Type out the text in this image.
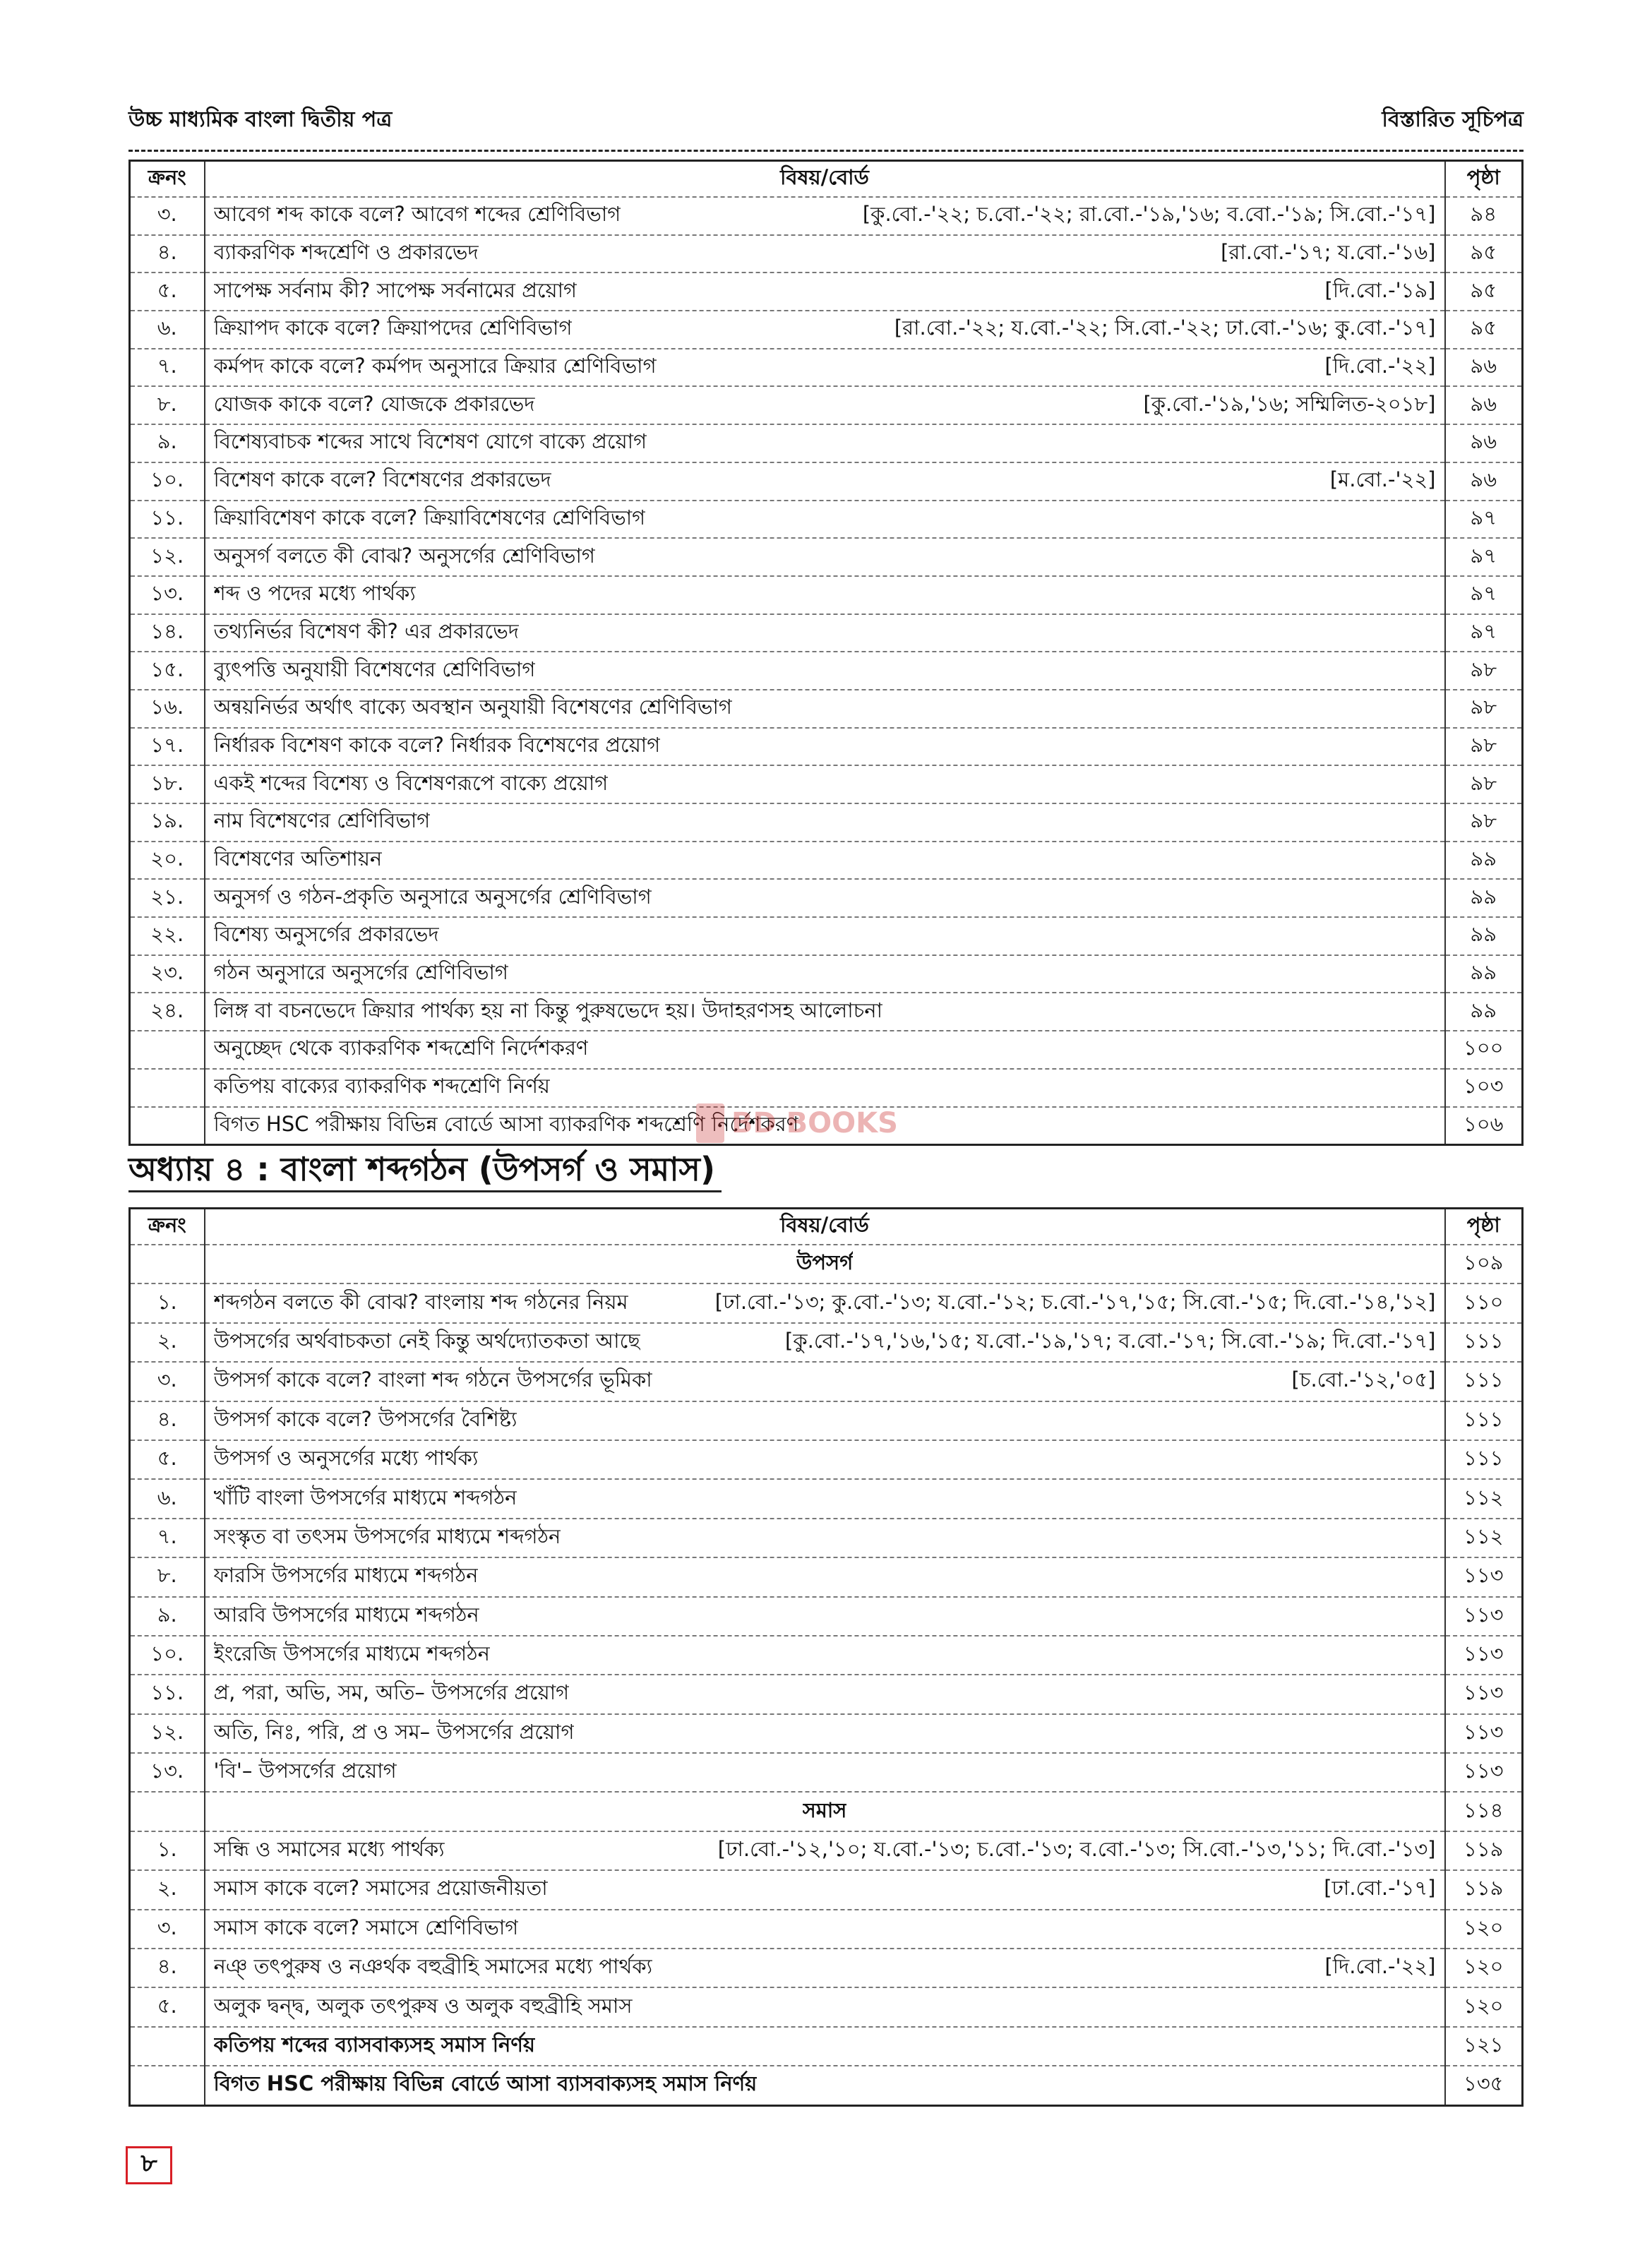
উচ্চ মাধ্যমিক বাংলা দ্বিতীয় পত্র	বিস্তারিত সূচিপত্র
ক্রনং	বিষয়/বোর্ড	পৃষ্ঠা
৩.	আবেগ শব্দ কাকে বলে? আবেগ শব্দের শ্রেণিবিভাগ [কু.বো.-'২২; চ.বো.-'২২; রা.বো.-'১৯,'১৬; ব.বো.-'১৯; সি.বো.-'১৭]	৯৪
৪.	ব্যাকরণিক শব্দশ্রেণি ও প্রকারভেদ [রা.বো.-'১৭; য.বো.-'১৬]	৯৫
৫.	সাপেক্ষ সর্বনাম কী? সাপেক্ষ সর্বনামের প্রয়োগ [দি.বো.-'১৯]	৯৫
৬.	ক্রিয়াপদ কাকে বলে? ক্রিয়াপদের শ্রেণিবিভাগ [রা.বো.-'২২; য.বো.-'২২; সি.বো.-'২২; ঢা.বো.-'১৬; কু.বো.-'১৭]	৯৫
৭.	কর্মপদ কাকে বলে? কর্মপদ অনুসারে ক্রিয়ার শ্রেণিবিভাগ [দি.বো.-'২২]	৯৬
৮.	যোজক কাকে বলে? যোজকে প্রকারভেদ [কু.বো.-'১৯,'১৬; সম্মিলিত-২০১৮]	৯৬
৯.	বিশেষ্যবাচক শব্দের সাথে বিশেষণ যোগে বাক্যে প্রয়োগ	৯৬
১০.	বিশেষণ কাকে বলে? বিশেষণের প্রকারভেদ [ম.বো.-'২২]	৯৬
১১.	ক্রিয়াবিশেষণ কাকে বলে? ক্রিয়াবিশেষণের শ্রেণিবিভাগ	৯৭
১২.	অনুসর্গ বলতে কী বোঝ? অনুসর্গের শ্রেণিবিভাগ	৯৭
১৩.	শব্দ ও পদের মধ্যে পার্থক্য	৯৭
১৪.	তথ্যনির্ভর বিশেষণ কী? এর প্রকারভেদ	৯৭
১৫.	ব্যুৎপত্তি অনুযায়ী বিশেষণের শ্রেণিবিভাগ	৯৮
১৬.	অন্বয়নির্ভর অর্থাৎ বাক্যে অবস্থান অনুযায়ী বিশেষণের শ্রেণিবিভাগ	৯৮
১৭.	নির্ধারক বিশেষণ কাকে বলে? নির্ধারক বিশেষণের প্রয়োগ	৯৮
১৮.	একই শব্দের বিশেষ্য ও বিশেষণরূপে বাক্যে প্রয়োগ	৯৮
১৯.	নাম বিশেষণের শ্রেণিবিভাগ	৯৮
২০.	বিশেষণের অতিশায়ন	৯৯
২১.	অনুসর্গ ও গঠন-প্রকৃতি অনুসারে অনুসর্গের শ্রেণিবিভাগ	৯৯
২২.	বিশেষ্য অনুসর্গের প্রকারভেদ	৯৯
২৩.	গঠন অনুসারে অনুসর্গের শ্রেণিবিভাগ	৯৯
২৪.	লিঙ্গ বা বচনভেদে ক্রিয়ার পার্থক্য হয় না কিন্তু পুরুষভেদে হয়। উদাহরণসহ আলোচনা	৯৯

	অনুচ্ছেদ থেকে ব্যাকরণিক শব্দশ্রেণি নির্দেশকরণ	১০০

	কতিপয় বাক্যের ব্যাকরণিক শব্দশ্রেণি নির্ণয়	১০৩

	বিগত HSC পরীক্ষায় বিভিন্ন বোর্ডে আসা ব্যাকরণিক শব্দশ্রেণি নির্দেশকরণ	১০৬
BD BOOKS
অধ্যায় ৪ : বাংলা শব্দগঠন (উপসর্গ ও সমাস)
ক্রনং	বিষয়/বোর্ড	পৃষ্ঠা

	উপসর্গ	১০৯
১.	শব্দগঠন বলতে কী বোঝ? বাংলায় শব্দ গঠনের নিয়ম [ঢা.বো.-'১৩; কু.বো.-'১৩; য.বো.-'১২; চ.বো.-'১৭,'১৫; সি.বো.-'১৫; দি.বো.-'১৪,'১২]	১১০
২.	উপসর্গের অর্থবাচকতা নেই কিন্তু অর্থদ্যোতকতা আছে [কু.বো.-'১৭,'১৬,'১৫; য.বো.-'১৯,'১৭; ব.বো.-'১৭; সি.বো.-'১৯; দি.বো.-'১৭]	১১১
৩.	উপসর্গ কাকে বলে? বাংলা শব্দ গঠনে উপসর্গের ভূমিকা [চ.বো.-'১২,'০৫]	১১১
৪.	উপসর্গ কাকে বলে? উপসর্গের বৈশিষ্ট্য	১১১
৫.	উপসর্গ ও অনুসর্গের মধ্যে পার্থক্য	১১১
৬.	খাঁটি বাংলা উপসর্গের মাধ্যমে শব্দগঠন	১১২
৭.	সংস্কৃত বা তৎসম উপসর্গের মাধ্যমে শব্দগঠন	১১২
৮.	ফারসি উপসর্গের মাধ্যমে শব্দগঠন	১১৩
৯.	আরবি উপসর্গের মাধ্যমে শব্দগঠন	১১৩
১০.	ইংরেজি উপসর্গের মাধ্যমে শব্দগঠন	১১৩
১১.	প্র, পরা, অভি, সম, অতি– উপসর্গের প্রয়োগ	১১৩
১২.	অতি, নিঃ, পরি, প্র ও সম– উপসর্গের প্রয়োগ	১১৩
১৩.	'বি'– উপসর্গের প্রয়োগ	১১৩

	সমাস	১১৪
১.	সন্ধি ও সমাসের মধ্যে পার্থক্য [ঢা.বো.-'১২,'১০; য.বো.-'১৩; চ.বো.-'১৩; ব.বো.-'১৩; সি.বো.-'১৩,'১১; দি.বো.-'১৩]	১১৯
২.	সমাস কাকে বলে? সমাসের প্রয়োজনীয়তা [ঢা.বো.-'১৭]	১১৯
৩.	সমাস কাকে বলে? সমাসে শ্রেণিবিভাগ	১২০
৪.	নঞ্ তৎপুরুষ ও নঞর্থক বহুব্রীহি সমাসের মধ্যে পার্থক্য [দি.বো.-'২২]	১২০
৫.	অলুক দ্বন্দ্ব, অলুক তৎপুরুষ ও অলুক বহুব্রীহি সমাস	১২০

	কতিপয় শব্দের ব্যাসবাক্যসহ সমাস নির্ণয়	১২১

	বিগত HSC পরীক্ষায় বিভিন্ন বোর্ডে আসা ব্যাসবাক্যসহ সমাস নির্ণয়	১৩৫
৮
